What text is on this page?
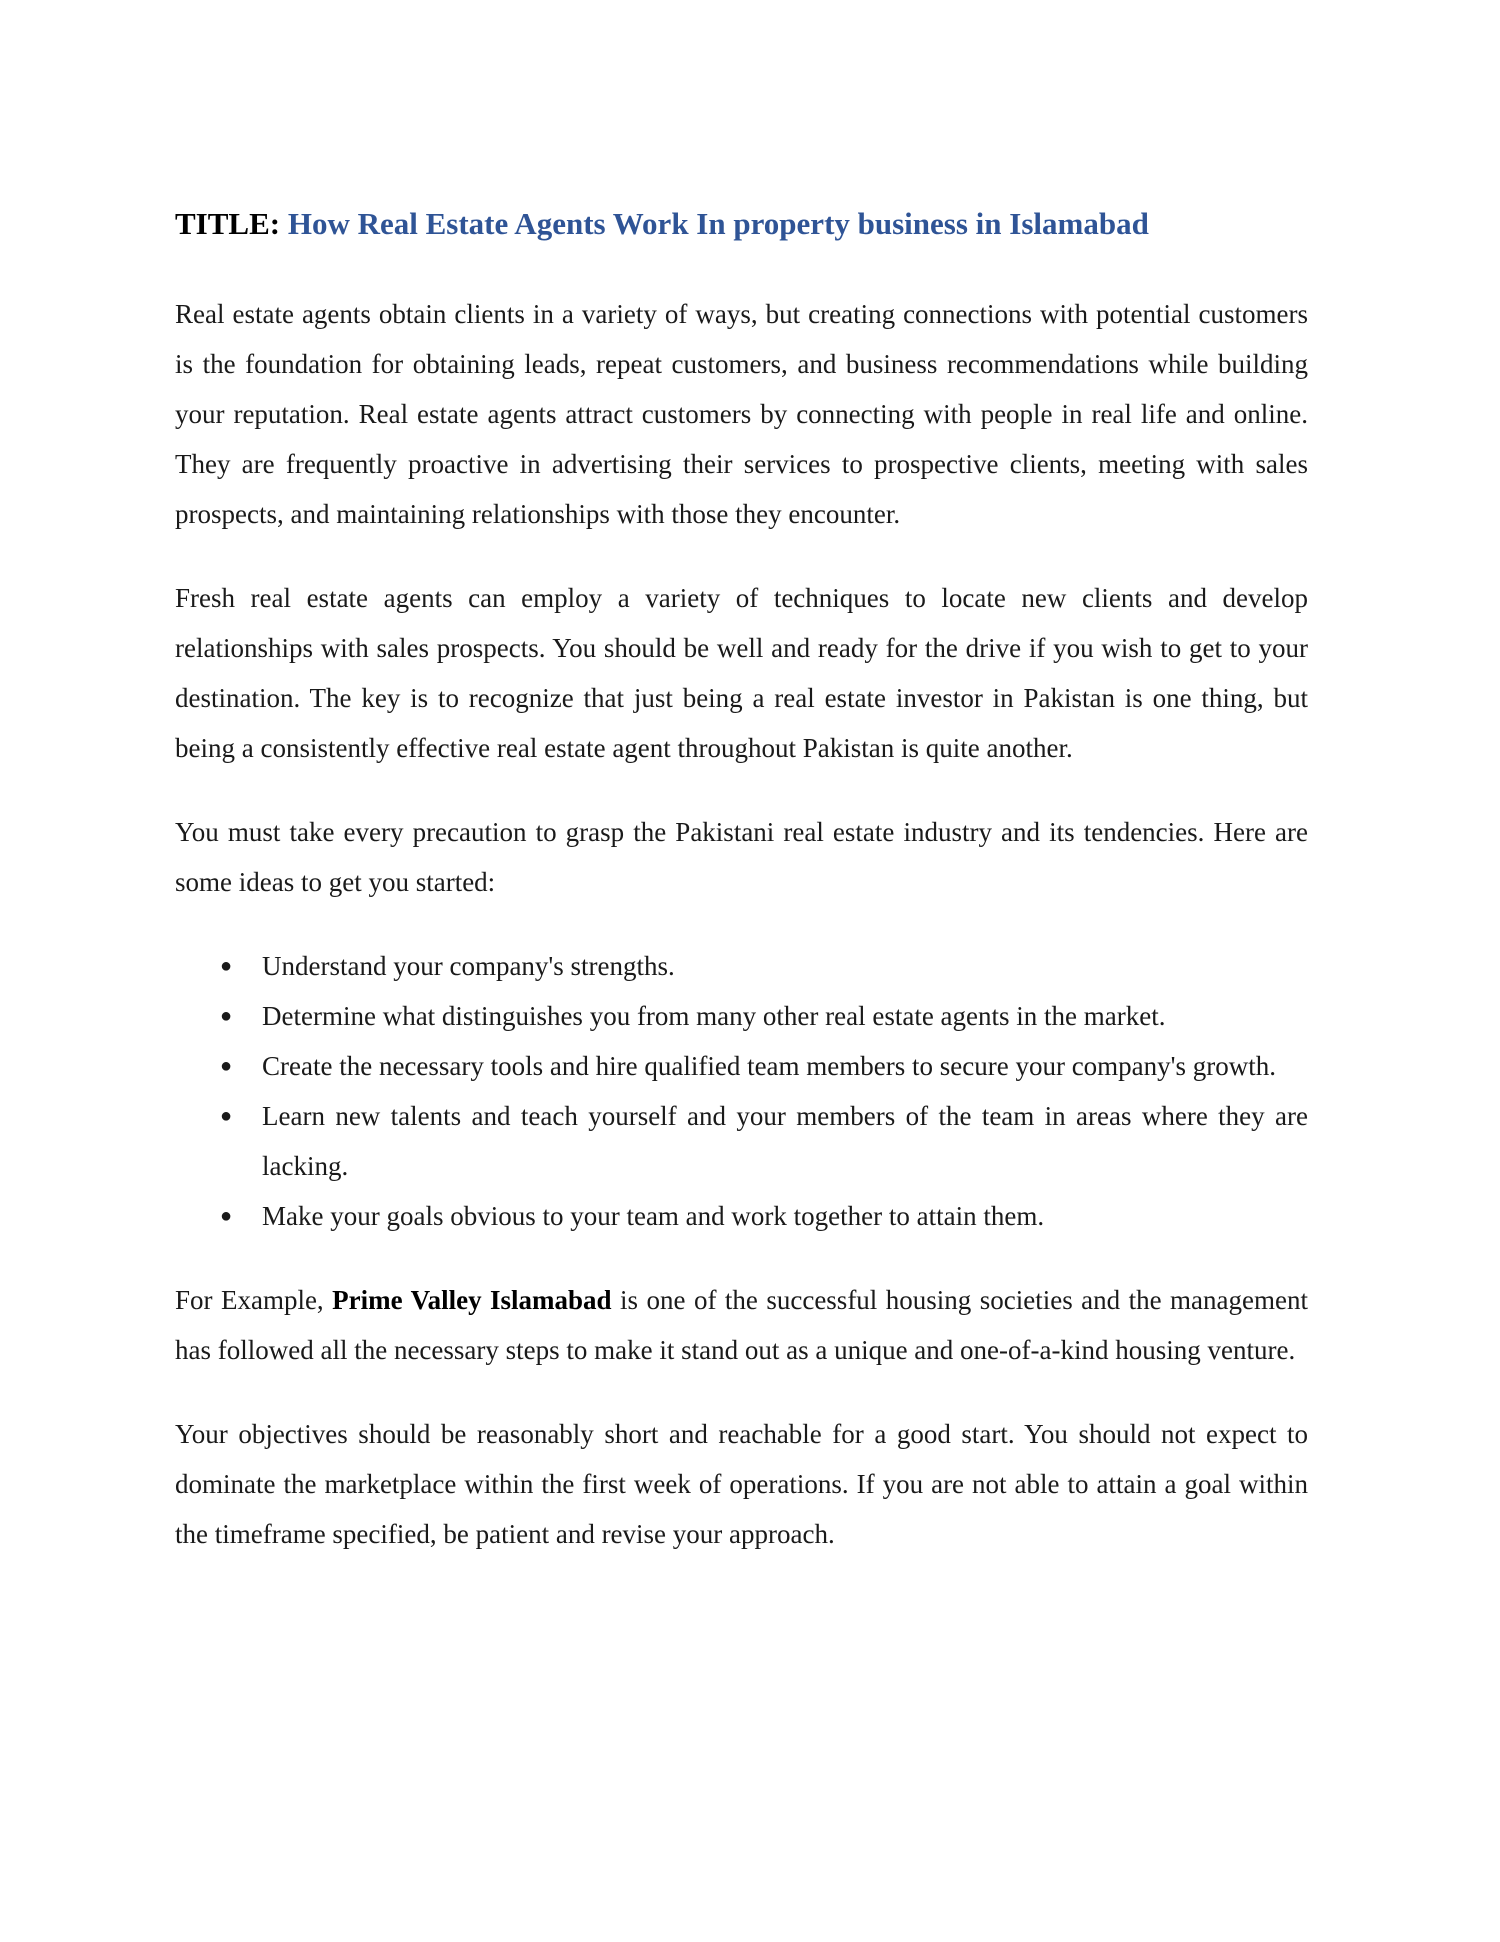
TITLE: How Real Estate Agents Work In property business in Islamabad

Real estate agents obtain clients in a variety of ways, but creating connections with potential customers is the foundation for obtaining leads, repeat customers, and business recommendations while building your reputation. Real estate agents attract customers by connecting with people in real life and online. They are frequently proactive in advertising their services to prospective clients, meeting with sales prospects, and maintaining relationships with those they encounter.

Fresh real estate agents can employ a variety of techniques to locate new clients and develop relationships with sales prospects. You should be well and ready for the drive if you wish to get to your destination. The key is to recognize that just being a real estate investor in Pakistan is one thing, but being a consistently effective real estate agent throughout Pakistan is quite another.

You must take every precaution to grasp the Pakistani real estate industry and its tendencies. Here are some ideas to get you started:

● Understand your company's strengths.
● Determine what distinguishes you from many other real estate agents in the market.
● Create the necessary tools and hire qualified team members to secure your company's growth.
● Learn new talents and teach yourself and your members of the team in areas where they are lacking.
● Make your goals obvious to your team and work together to attain them.

For Example, Prime Valley Islamabad is one of the successful housing societies and the management has followed all the necessary steps to make it stand out as a unique and one-of-a-kind housing venture.

Your objectives should be reasonably short and reachable for a good start. You should not expect to dominate the marketplace within the first week of operations. If you are not able to attain a goal within the timeframe specified, be patient and revise your approach.
